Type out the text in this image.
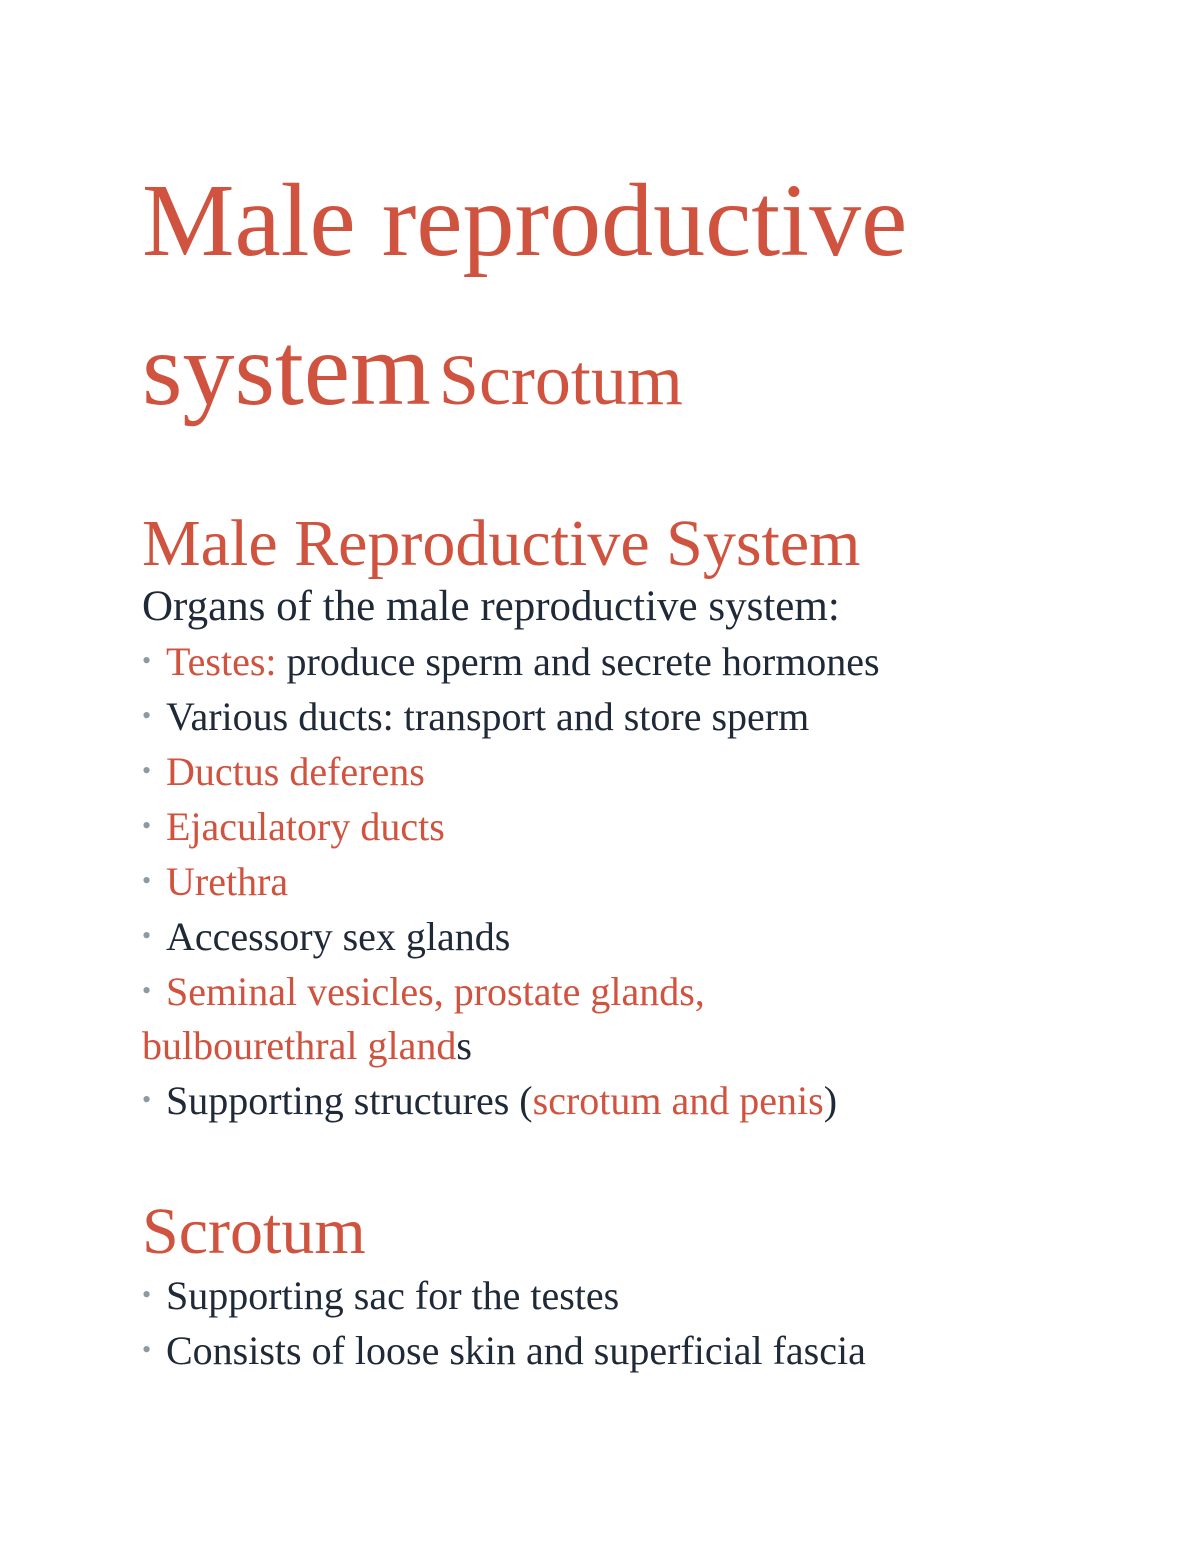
Male reproductive
system Scrotum
Male Reproductive System
Organs of the male reproductive system:
• Testes: produce sperm and secrete hormones
• Various ducts: transport and store sperm
• Ductus deferens
• Ejaculatory ducts
• Urethra
• Accessory sex glands
• Seminal vesicles, prostate glands,
bulbourethral glands
• Supporting structures (scrotum and penis)
Scrotum
• Supporting sac for the testes
• Consists of loose skin and superficial fascia
